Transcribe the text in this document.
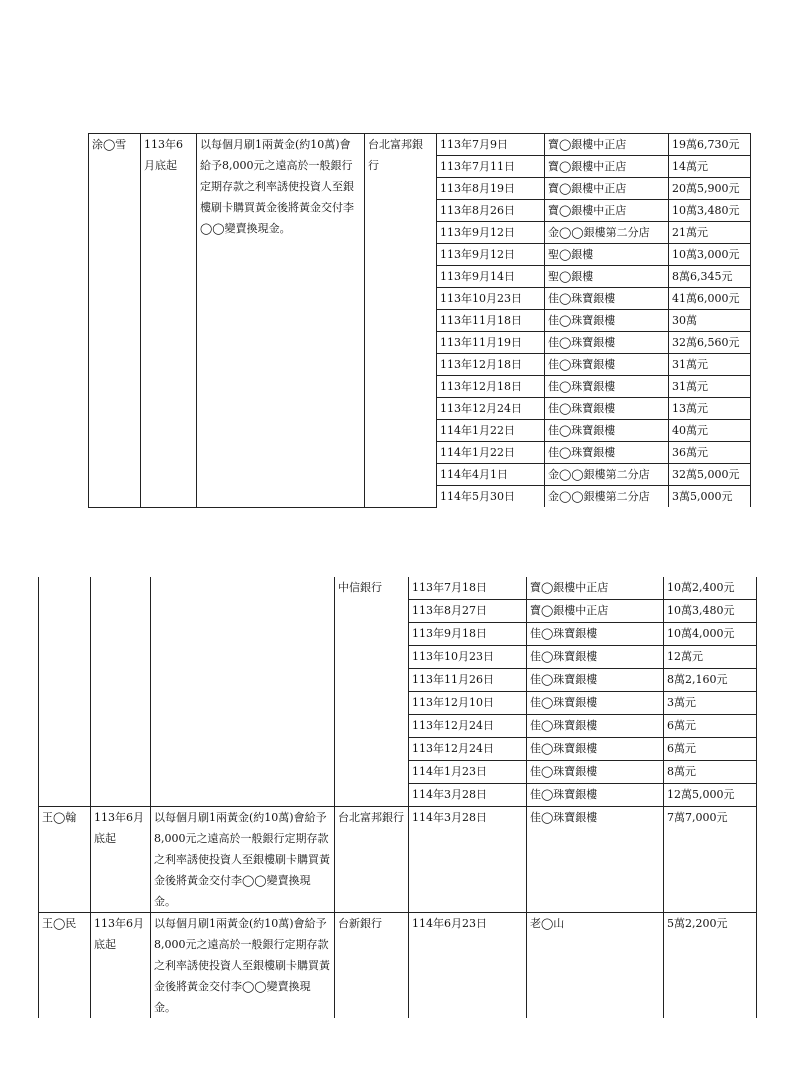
涂◯雪	113年6月底起	以每個月刷1兩黃金(約10萬)會給予8,000元之遠高於一般銀行定期存款之利率誘使投資人至銀樓刷卡購買黃金後將黃金交付李◯◯變賣換現金。	台北富邦銀行	113年7月9日	寶◯銀樓中正店	19萬6,730元
				113年7月11日	寶◯銀樓中正店	14萬元
				113年8月19日	寶◯銀樓中正店	20萬5,900元
				113年8月26日	寶◯銀樓中正店	10萬3,480元
				113年9月12日	金◯◯銀樓第二分店	21萬元
				113年9月12日	聖◯銀樓	10萬3,000元
				113年9月14日	聖◯銀樓	8萬6,345元
				113年10月23日	佳◯珠寶銀樓	41萬6,000元
				113年11月18日	佳◯珠寶銀樓	30萬
				113年11月19日	佳◯珠寶銀樓	32萬6,560元
				113年12月18日	佳◯珠寶銀樓	31萬元
				113年12月18日	佳◯珠寶銀樓	31萬元
				113年12月24日	佳◯珠寶銀樓	13萬元
				114年1月22日	佳◯珠寶銀樓	40萬元
				114年1月22日	佳◯珠寶銀樓	36萬元
				114年4月1日	金◯◯銀樓第二分店	32萬5,000元
				114年5月30日	金◯◯銀樓第二分店	3萬5,000元
			中信銀行	113年7月18日	寶◯銀樓中正店	10萬2,400元
				113年8月27日	寶◯銀樓中正店	10萬3,480元
				113年9月18日	佳◯珠寶銀樓	10萬4,000元
				113年10月23日	佳◯珠寶銀樓	12萬元
				113年11月26日	佳◯珠寶銀樓	8萬2,160元
				113年12月10日	佳◯珠寶銀樓	3萬元
				113年12月24日	佳◯珠寶銀樓	6萬元
				113年12月24日	佳◯珠寶銀樓	6萬元
				114年1月23日	佳◯珠寶銀樓	8萬元
				114年3月28日	佳◯珠寶銀樓	12萬5,000元
王◯翰	113年6月底起	以每個月刷1兩黃金(約10萬)會給予8,000元之遠高於一般銀行定期存款之利率誘使投資人至銀樓刷卡購買黃金後將黃金交付李◯◯變賣換現金。	台北富邦銀行	114年3月28日	佳◯珠寶銀樓	7萬7,000元
王◯民	113年6月底起	以每個月刷1兩黃金(約10萬)會給予8,000元之遠高於一般銀行定期存款之利率誘使投資人至銀樓刷卡購買黃金後將黃金交付李◯◯變賣換現金。	台新銀行	114年6月23日	老◯山	5萬2,200元
